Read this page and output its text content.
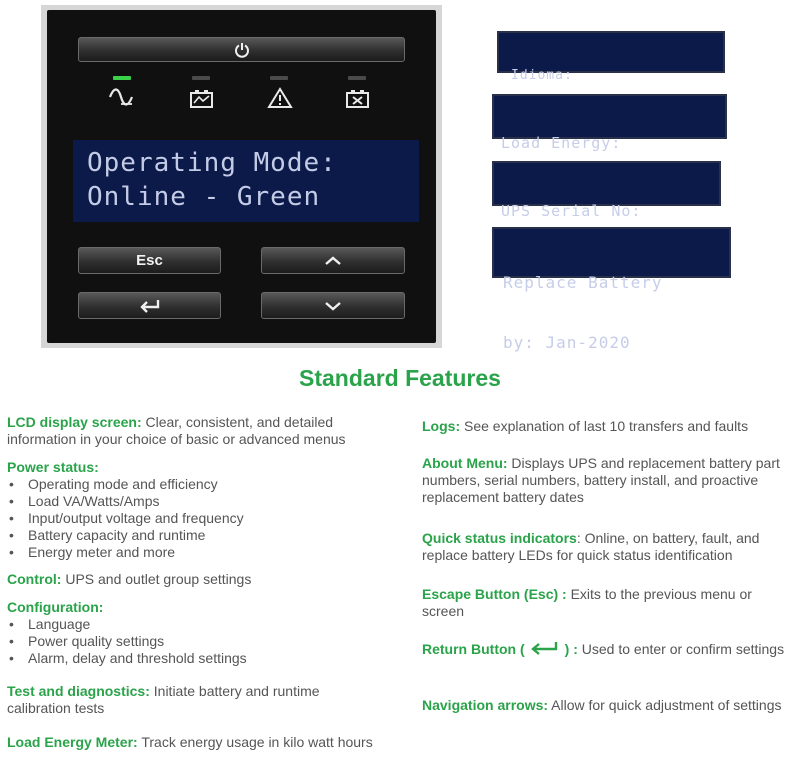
Operating Mode:
Online - Green
Esc

Idioma:

Load Energy:

UPS Serial No:

Replace Battery

by: Jan-2020

Standard Features

LCD display screen: Clear, consistent, and detailed information in your choice of basic or advanced menus

Power status:

• Operating mode and efficiency
• Load VA/Watts/Amps
• Input/output voltage and frequency
• Battery capacity and runtime
• Energy meter and more

Control: UPS and outlet group settings

Configuration:

• Language
• Power quality settings
• Alarm, delay and threshold settings

Test and diagnostics: Initiate battery and runtime calibration tests

Load Energy Meter: Track energy usage in kilo watt hours

Logs: See explanation of last 10 transfers and faults

About Menu: Displays UPS and replacement battery part numbers, serial numbers, battery install, and proactive replacement battery dates

Quick status indicators: Online, on battery, fault, and replace battery LEDs for quick status identification

Escape Button (Esc) : Exits to the previous menu or screen

Return Button (	) : Used to enter or confirm settings

Navigation arrows: Allow for quick adjustment of settings
